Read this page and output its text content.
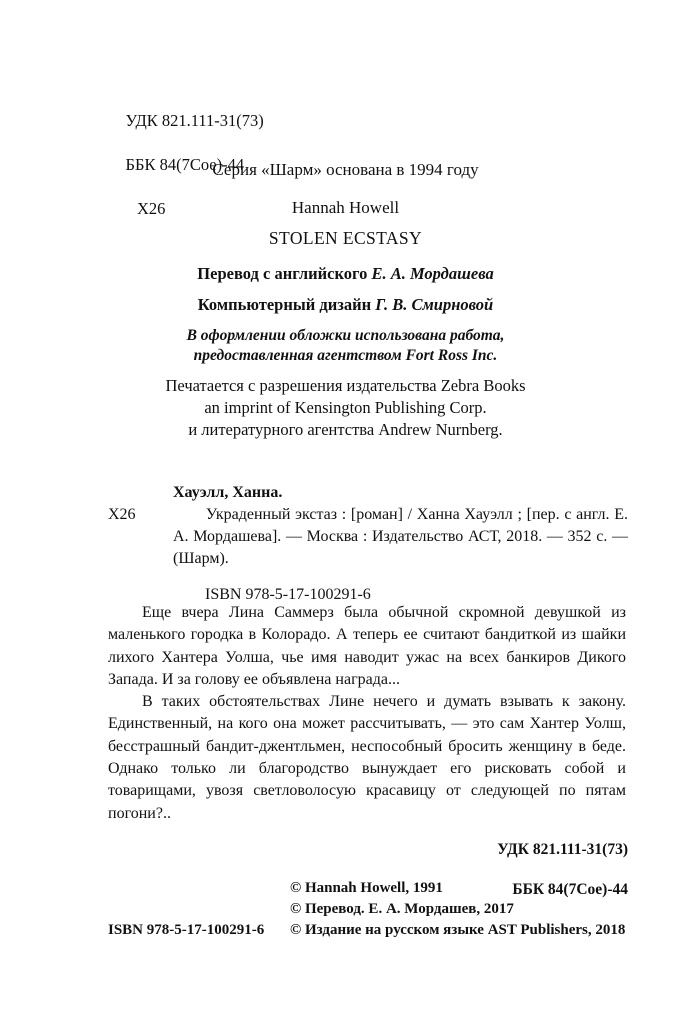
УДК 821.111-31(73)

ББК 84(7Сое)-44

Х26

Серия «Шарм» основана в 1994 году
Hannah Howell
STOLEN ECSTASY
Перевод с английского Е. А. Мордашева
Компьютерный дизайн Г. В. Смирновой
В оформлении обложки использована работа,
предоставленная агентством Fort Ross Inc.
Печатается с разрешения издательства Zebra Books
an imprint of Kensington Publishing Corp.
и литературного агентства Andrew Nurnberg.
Хауэлл, Ханна.
Х26	Украденный экстаз : [роман] / Ханна Хауэлл ; [пер. с англ. Е. А. Мордашева]. — Москва : Издательство АСТ, 2018. — 352 с. — (Шарм).
ISBN 978-5-17-100291-6

Еще вчера Лина Саммерз была обычной скромной девушкой из маленького городка в Колорадо. А теперь ее считают бандиткой из шайки лихого Хантера Уолша, чье имя наводит ужас на всех банкиров Дикого Запада. И за голову ее объявлена награда...

В таких обстоятельствах Лине нечего и думать взывать к закону. Единственный, на кого она может рассчитывать, — это сам Хантер Уолш, бесстрашный бандит-джентльмен, неспособный бросить женщину в беде. Однако только ли благородство вынуждает его рисковать собой и товарищами, увозя светловолосую красавицу от следующей по пятам погони?..

УДК 821.111-31(73)

ББК 84(7Сое)-44

© Hannah Howell, 1991
© Перевод. Е. А. Мордашев, 2017
ISBN 978-5-17-100291-6	© Издание на русском языке AST Publishers, 2018
